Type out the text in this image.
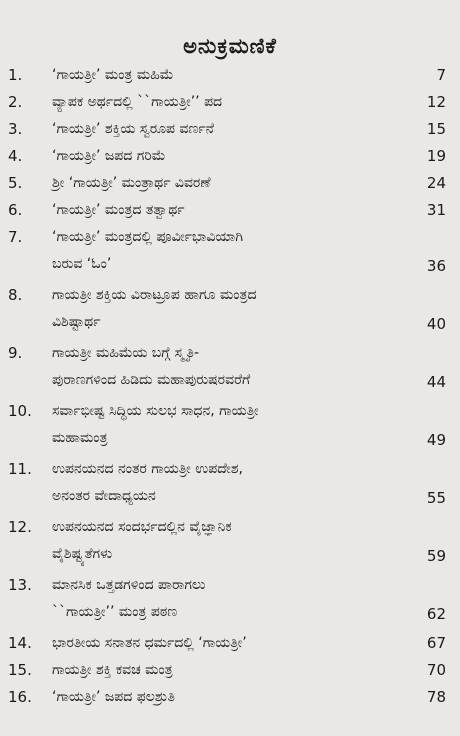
ಅನುಕ್ರಮಣಿಕೆ
1.	‘ಗಾಯತ್ರೀ’ ಮಂತ್ರ ಮಹಿಮೆ	7
2.	ವ್ಯಾಪಕ ಅರ್ಥದಲ್ಲಿ ``ಗಾಯತ್ರೀ’’ ಪದ	12
3.	‘ಗಾಯತ್ರೀ’ ಶಕ್ತಿಯ ಸ್ವರೂಪ ವರ್ಣನೆ	15
4.	‘ಗಾಯತ್ರೀ’ ಜಪದ ಗರಿಮೆ	19
5.	ಶ್ರೀ ‘ಗಾಯತ್ರೀ’ ಮಂತ್ರಾರ್ಥ ವಿವರಣೆ	24
6.	‘ಗಾಯತ್ರೀ’ ಮಂತ್ರದ ತತ್ವಾರ್ಥ	31
7.	‘ಗಾಯತ್ರೀ’ ಮಂತ್ರದಲ್ಲಿ ಪೂರ್ವೀಭಾವಿಯಾಗಿ
ಬರುವ ‘ಓಂ’	36
8.	ಗಾಯತ್ರೀ ಶಕ್ತಿಯ ವಿರಾಟ್ರೂಪ ಹಾಗೂ ಮಂತ್ರದ
ವಿಶಿಷ್ಟಾರ್ಥ	40
9.	ಗಾಯತ್ರೀ ಮಹಿಮೆಯ ಬಗ್ಗೆ ಸ್ಮೃತಿ-
ಪುರಾಣಗಳಿಂದ ಹಿಡಿದು ಮಹಾಪುರುಷರವರೆಗೆ	44
10.	ಸರ್ವಾಭೀಷ್ಟ ಸಿದ್ಧಿಯ ಸುಲಭ ಸಾಧನ, ಗಾಯತ್ರೀ
ಮಹಾಮಂತ್ರ	49
11.	ಉಪನಯನದ ನಂತರ ಗಾಯತ್ರೀ ಉಪದೇಶ,
ಅನಂತರ ವೇದಾಧ್ಯಯನ	55
12.	ಉಪನಯನದ ಸಂದರ್ಭದಲ್ಲಿನ ವೈಜ್ಞಾನಿಕ
ವೈಶಿಷ್ಟ್ಯತೆಗಳು	59
13.	ಮಾನಸಿಕ ಒತ್ತಡಗಳಿಂದ ಪಾರಾಗಲು
``ಗಾಯತ್ರೀ’’ ಮಂತ್ರ ಪಠಣ	62
14.	ಭಾರತೀಯ ಸನಾತನ ಧರ್ಮದಲ್ಲಿ ‘ಗಾಯತ್ರೀ’	67
15.	ಗಾಯತ್ರೀ ಶಕ್ತಿ ಕವಚ ಮಂತ್ರ	70
16.	‘ಗಾಯತ್ರೀ’ ಜಪದ ಫಲಶ್ರುತಿ	78
